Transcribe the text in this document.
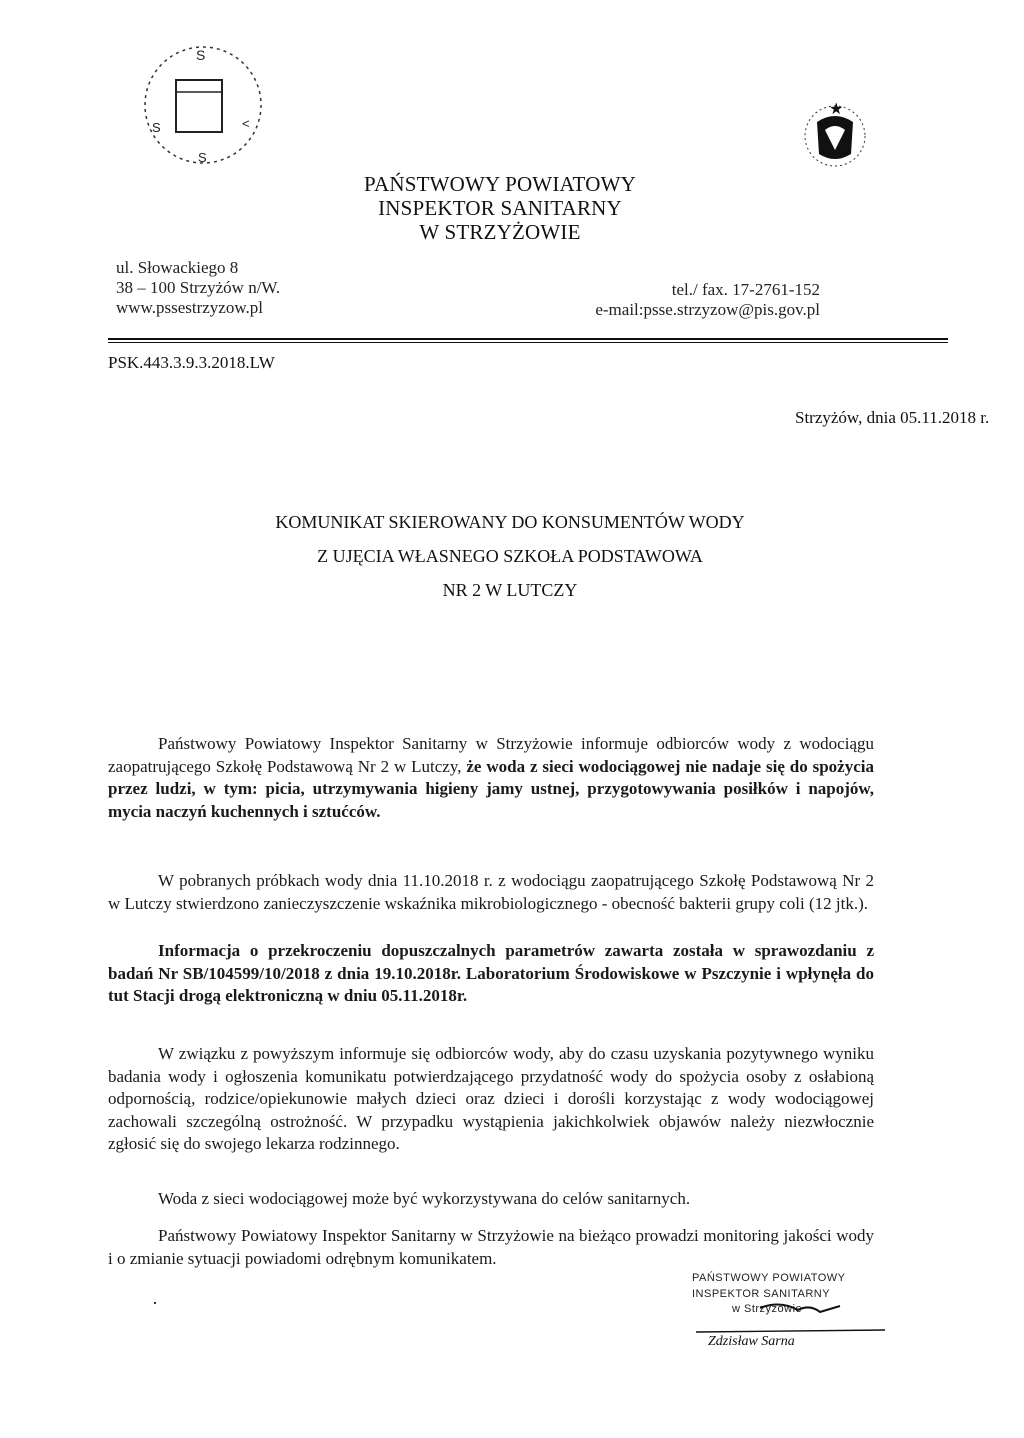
S
S
S	<
★
PAŃSTWOWY POWIATOWY
INSPEKTOR SANITARNY
W STRZYŻOWIE
ul. Słowackiego 8
38 – 100 Strzyżów n/W.
www.pssestrzyzow.pl
tel./ fax. 17-2761-152
e-mail:psse.strzyzow@pis.gov.pl
PSK.443.3.9.3.2018.LW
Strzyżów, dnia 05.11.2018 r.
KOMUNIKAT SKIEROWANY DO KONSUMENTÓW WODY
Z UJĘCIA WŁASNEGO SZKOŁA PODSTAWOWA
NR 2 W LUTCZY
Państwowy Powiatowy Inspektor Sanitarny w Strzyżowie informuje odbiorców wody z wodociągu zaopatrującego Szkołę Podstawową Nr 2 w Lutczy, że woda z sieci wodociągowej nie nadaje się do spożycia przez ludzi, w tym: picia, utrzymywania higieny jamy ustnej, przygotowywania posiłków i napojów, mycia naczyń kuchennych i sztućców.
W pobranych próbkach wody dnia 11.10.2018 r. z wodociągu zaopatrującego Szkołę Podstawową Nr 2 w Lutczy stwierdzono zanieczyszczenie wskaźnika mikrobiologicznego - obecność bakterii grupy coli (12 jtk.).
Informacja o przekroczeniu dopuszczalnych parametrów zawarta została w sprawozdaniu z badań Nr SB/104599/10/2018 z dnia 19.10.2018r. Laboratorium Środowiskowe w Pszczynie i wpłynęła do tut Stacji drogą elektroniczną w dniu 05.11.2018r.
W związku z powyższym informuje się odbiorców wody, aby do czasu uzyskania pozytywnego wyniku badania wody i ogłoszenia komunikatu potwierdzającego przydatność wody do spożycia osoby z osłabioną odpornością, rodzice/opiekunowie małych dzieci oraz dzieci i dorośli korzystając z wody wodociągowej zachowali szczególną ostrożność. W przypadku wystąpienia jakichkolwiek objawów należy niezwłocznie zgłosić się do swojego lekarza rodzinnego.
Woda z sieci wodociągowej może być wykorzystywana do celów sanitarnych.
Państwowy Powiatowy Inspektor Sanitarny w Strzyżowie na bieżąco prowadzi monitoring jakości wody i o zmianie sytuacji powiadomi odrębnym komunikatem.
PAŃSTWOWY POWIATOWY
INSPEKTOR SANITARNY
w Strzyżowie
Zdzisław Sarna
